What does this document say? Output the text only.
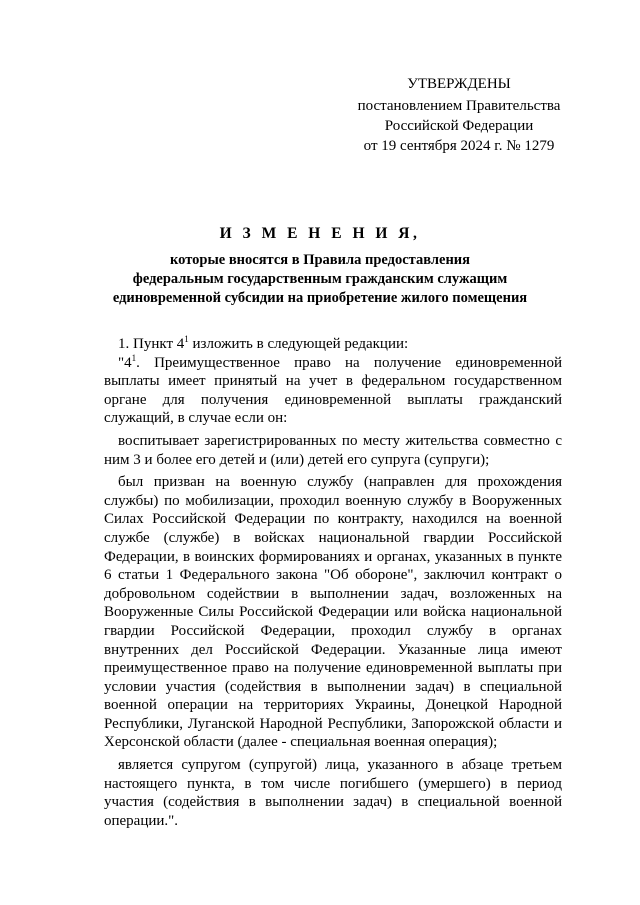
УТВЕРЖДЕНЫ
постановлением Правительства
Российской Федерации
от 19 сентября 2024 г. № 1279
И З М Е Н Е Н И Я,
которые вносятся в Правила предоставления
федеральным государственным гражданским служащим
единовременной субсидии на приобретение жилого помещения

1. Пункт $4^1$ изложить в следующей редакции:

"$4^1$. Преимущественное право на получение единовременной выплаты имеет принятый на учет в федеральном государственном органе для получения единовременной выплаты гражданский служащий, в случае если он:

воспитывает зарегистрированных по месту жительства совместно с ним 3 и более его детей и (или) детей его супруга (супруги);

был призван на военную службу (направлен для прохождения службы) по мобилизации, проходил военную службу в Вооруженных Силах Российской Федерации по контракту, находился на военной службе (службе) в войсках национальной гвардии Российской Федерации, в воинских формированиях и органах, указанных в пункте 6 статьи 1 Федерального закона "Об обороне", заключил контракт о добровольном содействии в выполнении задач, возложенных на Вооруженные Силы Российской Федерации или войска национальной гвардии Российской Федерации, проходил службу в органах внутренних дел Российской Федерации. Указанные лица имеют преимущественное право на получение единовременной выплаты при условии участия (содействия в выполнении задач) в специальной военной операции на территориях Украины, Донецкой Народной Республики, Луганской Народной Республики, Запорожской области и Херсонской области (далее - специальная военная операция);

является супругом (супругой) лица, указанного в абзаце третьем настоящего пункта, в том числе погибшего (умершего) в период участия (содействия в выполнении задач) в специальной военной операции.".
